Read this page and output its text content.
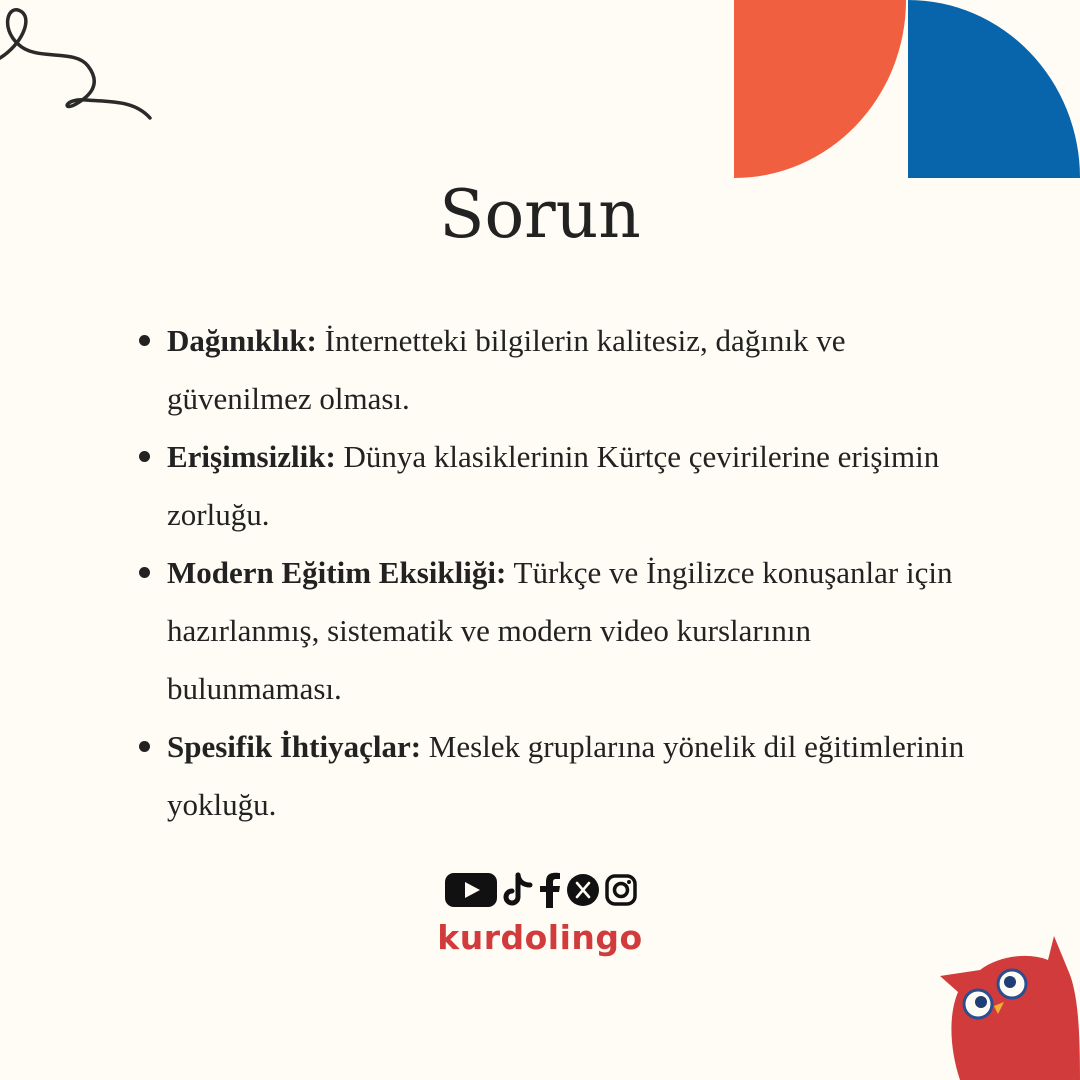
Sorun
Dağınıklık: İnternetteki bilgilerin kalitesiz, dağınık ve güvenilmez olması.
Erişimsizlik: Dünya klasiklerinin Kürtçe çevirilerine erişimin zorluğu.
Modern Eğitim Eksikliği: Türkçe ve İngilizce konuşanlar için hazırlanmış, sistematik ve modern video kurslarının bulunmaması.
Spesifik İhtiyaçlar: Meslek gruplarına yönelik dil eğitimlerinin yokluğu.
kurdolingo
